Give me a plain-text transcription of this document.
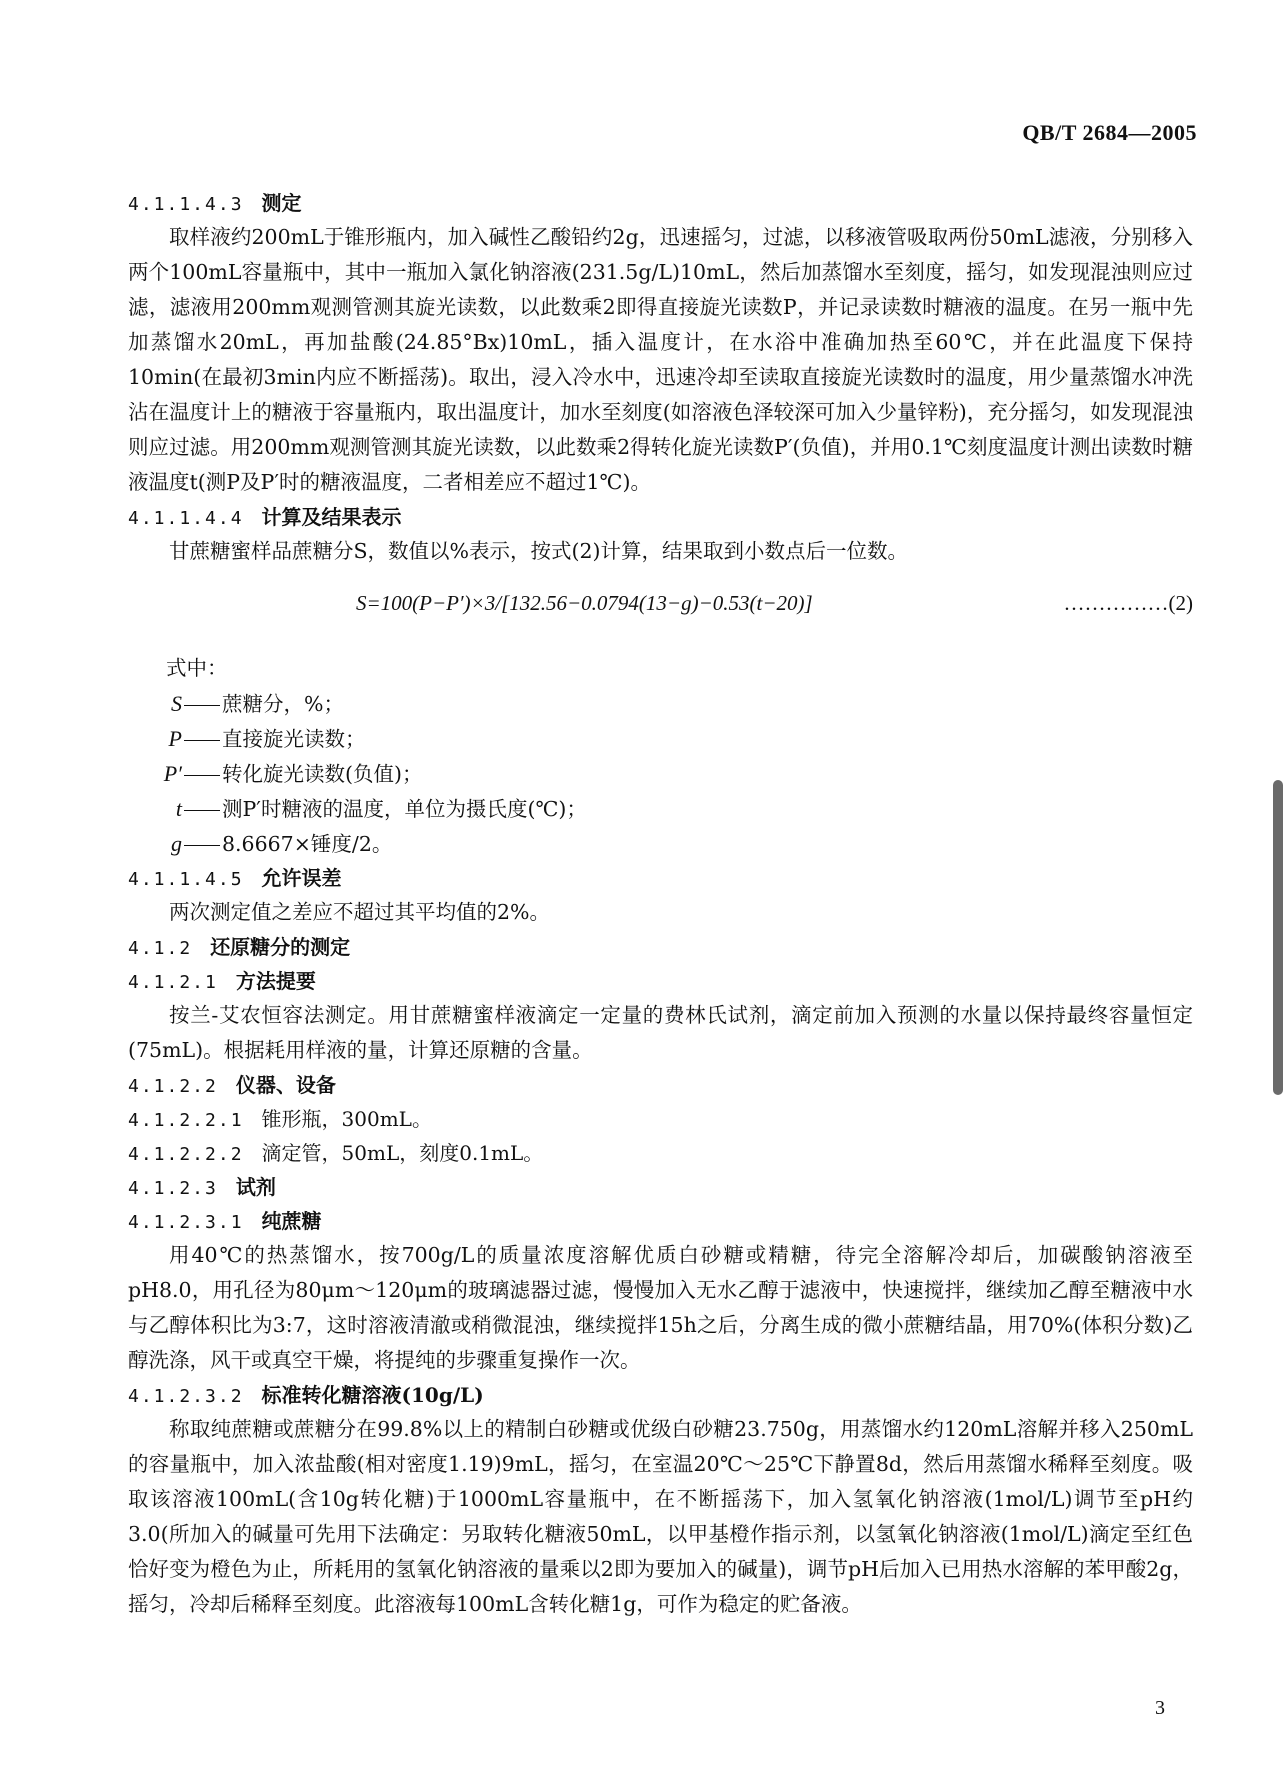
QB/T 2684—2005
4.1.1.4.3 测定

取样液约200mL于锥形瓶内，加入碱性乙酸铅约2g，迅速摇匀，过滤，以移液管吸取两份50mL滤液，分别移入两个100mL容量瓶中，其中一瓶加入氯化钠溶液(231.5g/L)10mL，然后加蒸馏水至刻度，摇匀，如发现混浊则应过滤，滤液用200mm观测管测其旋光读数，以此数乘2即得直接旋光读数P，并记录读数时糖液的温度。在另一瓶中先加蒸馏水20mL，再加盐酸(24.85°Bx)10mL，插入温度计，在水浴中准确加热至60℃，并在此温度下保持10min(在最初3min内应不断摇荡)。取出，浸入冷水中，迅速冷却至读取直接旋光读数时的温度，用少量蒸馏水冲洗沾在温度计上的糖液于容量瓶内，取出温度计，加水至刻度(如溶液色泽较深可加入少量锌粉)，充分摇匀，如发现混浊则应过滤。用200mm观测管测其旋光读数，以此数乘2得转化旋光读数P′(负值)，并用0.1℃刻度温度计测出读数时糖液温度t(测P及P′时的糖液温度，二者相差应不超过1℃)。

4.1.1.4.4 计算及结果表示

甘蔗糖蜜样品蔗糖分S，数值以%表示，按式(2)计算，结果取到小数点后一位数。

S=100(P−P′)×3/[132.56−0.0794(13−g)−0.53(t−20)]	……………(2)
式中：
S 蔗糖分，%；
P 直接旋光读数；
P′ 转化旋光读数(负值)；
t 测P′时糖液的温度，单位为摄氏度(℃)；
g 8.6667×锤度/2。
4.1.1.4.5 允许误差

两次测定值之差应不超过其平均值的2%。

4.1.2 还原糖分的测定
4.1.2.1 方法提要

按兰-艾农恒容法测定。用甘蔗糖蜜样液滴定一定量的费林氏试剂，滴定前加入预测的水量以保持最终容量恒定(75mL)。根据耗用样液的量，计算还原糖的含量。

4.1.2.2 仪器、设备
4.1.2.2.1 锥形瓶，300mL。
4.1.2.2.2 滴定管，50mL，刻度0.1mL。
4.1.2.3 试剂
4.1.2.3.1 纯蔗糖

用40℃的热蒸馏水，按700g/L的质量浓度溶解优质白砂糖或精糖，待完全溶解冷却后，加碳酸钠溶液至pH8.0，用孔径为80μm～120μm的玻璃滤器过滤，慢慢加入无水乙醇于滤液中，快速搅拌，继续加乙醇至糖液中水与乙醇体积比为3:7，这时溶液清澈或稍微混浊，继续搅拌15h之后，分离生成的微小蔗糖结晶，用70%(体积分数)乙醇洗涤，风干或真空干燥，将提纯的步骤重复操作一次。

4.1.2.3.2 标准转化糖溶液(10g/L)

称取纯蔗糖或蔗糖分在99.8%以上的精制白砂糖或优级白砂糖23.750g，用蒸馏水约120mL溶解并移入250mL的容量瓶中，加入浓盐酸(相对密度1.19)9mL，摇匀，在室温20℃～25℃下静置8d，然后用蒸馏水稀释至刻度。吸取该溶液100mL(含10g转化糖)于1000mL容量瓶中，在不断摇荡下，加入氢氧化钠溶液(1mol/L)调节至pH约3.0(所加入的碱量可先用下法确定：另取转化糖液50mL，以甲基橙作指示剂，以氢氧化钠溶液(1mol/L)滴定至红色恰好变为橙色为止，所耗用的氢氧化钠溶液的量乘以2即为要加入的碱量)，调节pH后加入已用热水溶解的苯甲酸2g，摇匀，冷却后稀释至刻度。此溶液每100mL含转化糖1g，可作为稳定的贮备液。

3
